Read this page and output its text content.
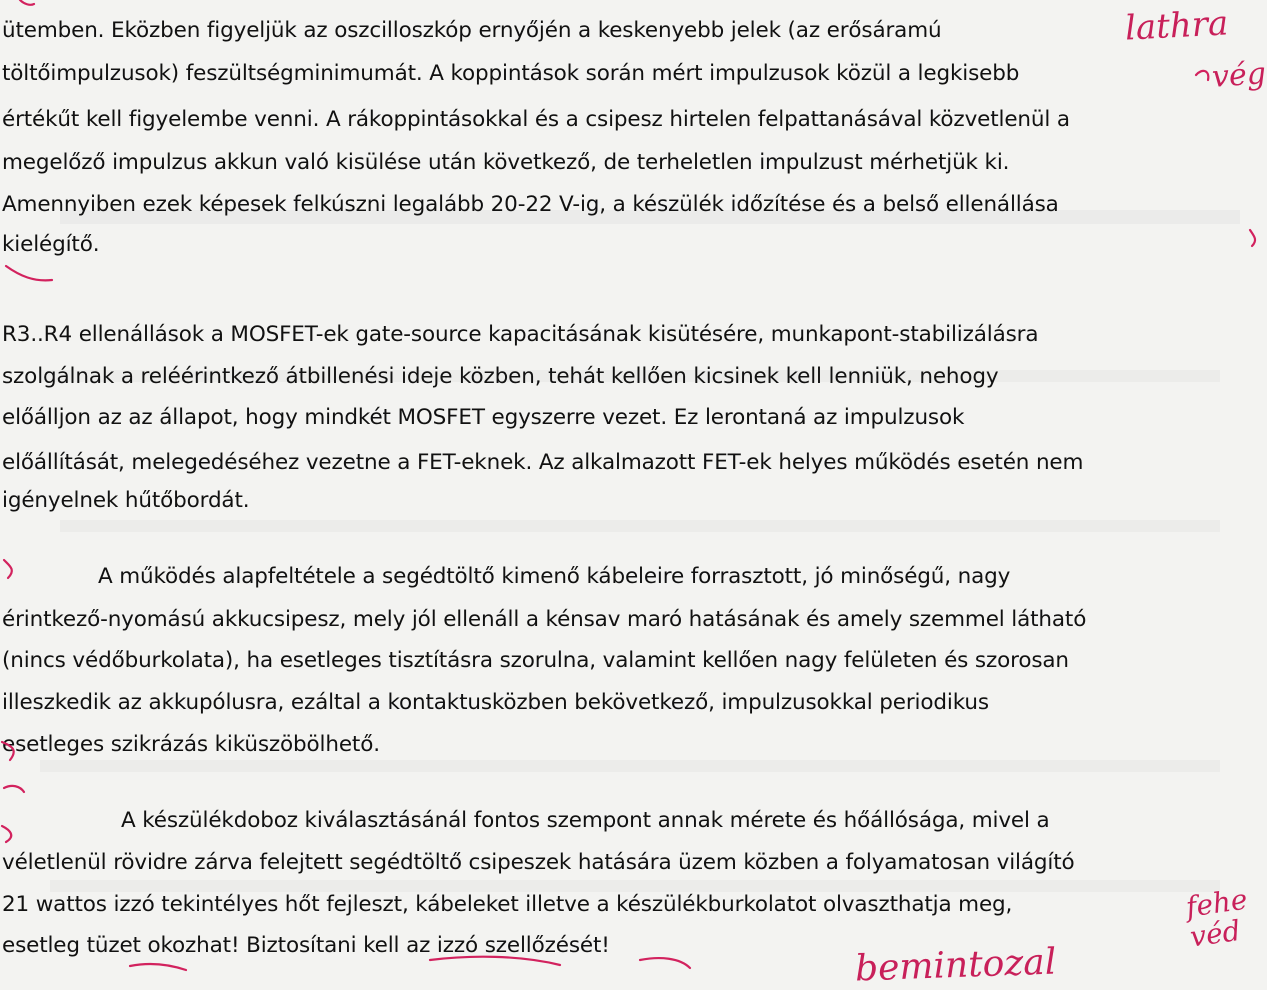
ütemben. Eközben figyeljük az oszcilloszkóp ernyőjén a keskenyebb jelek (az erősáramú
töltőimpulzusok) feszültségminimumát. A koppintások során mért impulzusok közül a legkisebb
értékűt kell figyelembe venni. A rákoppintásokkal és a csipesz hirtelen felpattanásával közvetlenül a
megelőző impulzus akkun való kisülése után következő, de terheletlen impulzust mérhetjük ki.
Amennyiben ezek képesek felkúszni legalább 20-22 V-ig, a készülék időzítése és a belső ellenállása
kielégítő.
R3..R4 ellenállások a MOSFET-ek gate-source kapacitásának kisütésére, munkapont-stabilizálásra
szolgálnak a reléérintkező átbillenési ideje közben, tehát kellően kicsinek kell lenniük, nehogy
előálljon az az állapot, hogy mindkét MOSFET egyszerre vezet. Ez lerontaná az impulzusok
előállítását, melegedéséhez vezetne a FET-eknek. Az alkalmazott FET-ek helyes működés esetén nem
igényelnek hűtőbordát.
A működés alapfeltétele a segédtöltő kimenő kábeleire forrasztott, jó minőségű, nagy
érintkező-nyomású akkucsipesz, mely jól ellenáll a kénsav maró hatásának és amely szemmel látható
(nincs védőburkolata), ha esetleges tisztításra szorulna, valamint kellően nagy felületen és szorosan
illeszkedik az akkupólusra, ezáltal a kontaktusközben bekövetkező, impulzusokkal periodikus
esetleges szikrázás kiküszöbölhető.
A készülékdoboz kiválasztásánál fontos szempont annak mérete és hőállósága, mivel a
véletlenül rövidre zárva felejtett segédtöltő csipeszek hatására üzem közben a folyamatosan világító
21 wattos izzó tekintélyes hőt fejleszt, kábeleket illetve a készülékburkolatot olvaszthatja meg,
esetleg tüzet okozhat! Biztosítani kell az izzó szellőzését!
lathra
vég
fehe véd
bemintozal
